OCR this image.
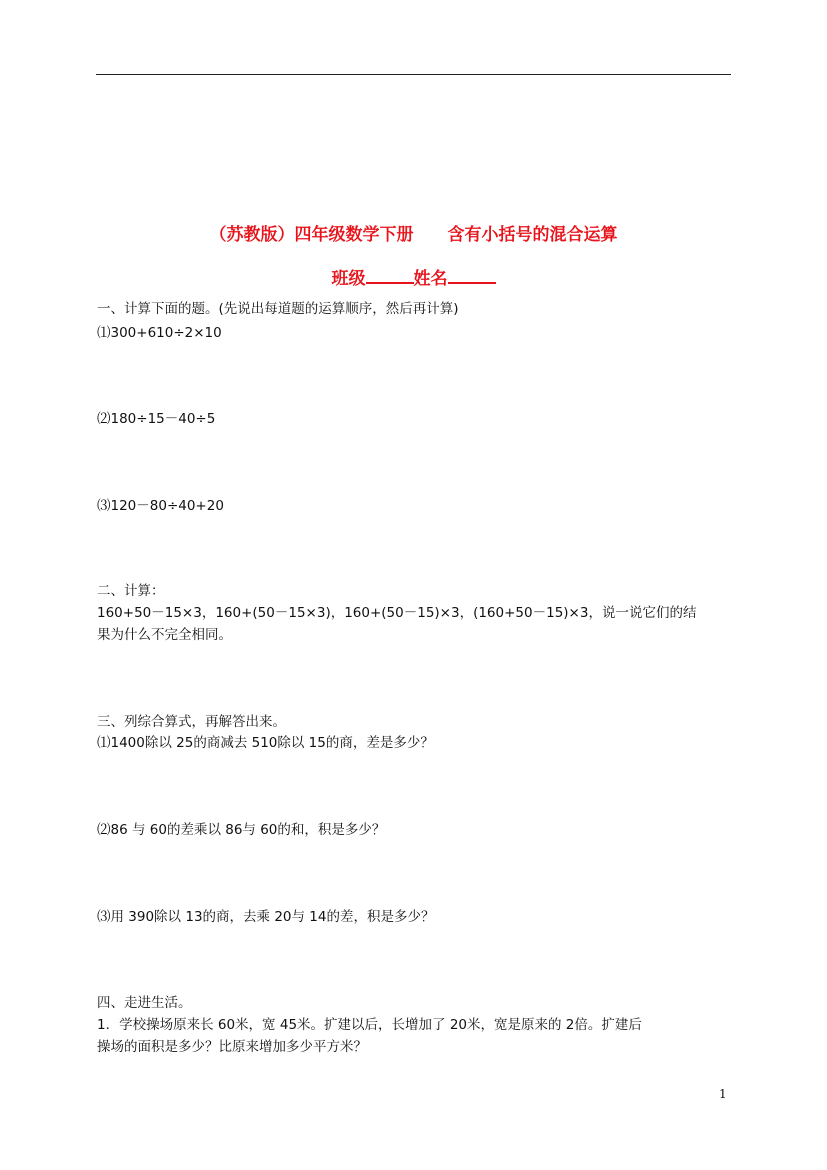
（苏教版）四年级数学下册 含有小括号的混合运算
班级	姓名
一、计算下面的题。(先说出每道题的运算顺序，然后再计算)
⑴300+610÷2×10
⑵180÷15－40÷5
⑶120－80÷40+20
二、计算：
160+50－15×3，160+(50－15×3)，160+(50－15)×3，(160+50－15)×3，说一说它们的结
果为什么不完全相同。
三、列综合算式，再解答出来。
⑴1400除以 25的商减去 510除以 15的商，差是多少？
⑵86 与 60的差乘以 86与 60的和，积是多少？
⑶用 390除以 13的商，去乘 20与 14的差，积是多少？
四、走进生活。
1．学校操场原来长 60米，宽 45米。扩建以后，长增加了 20米，宽是原来的 2倍。扩建后
操场的面积是多少？比原来增加多少平方米？
1
